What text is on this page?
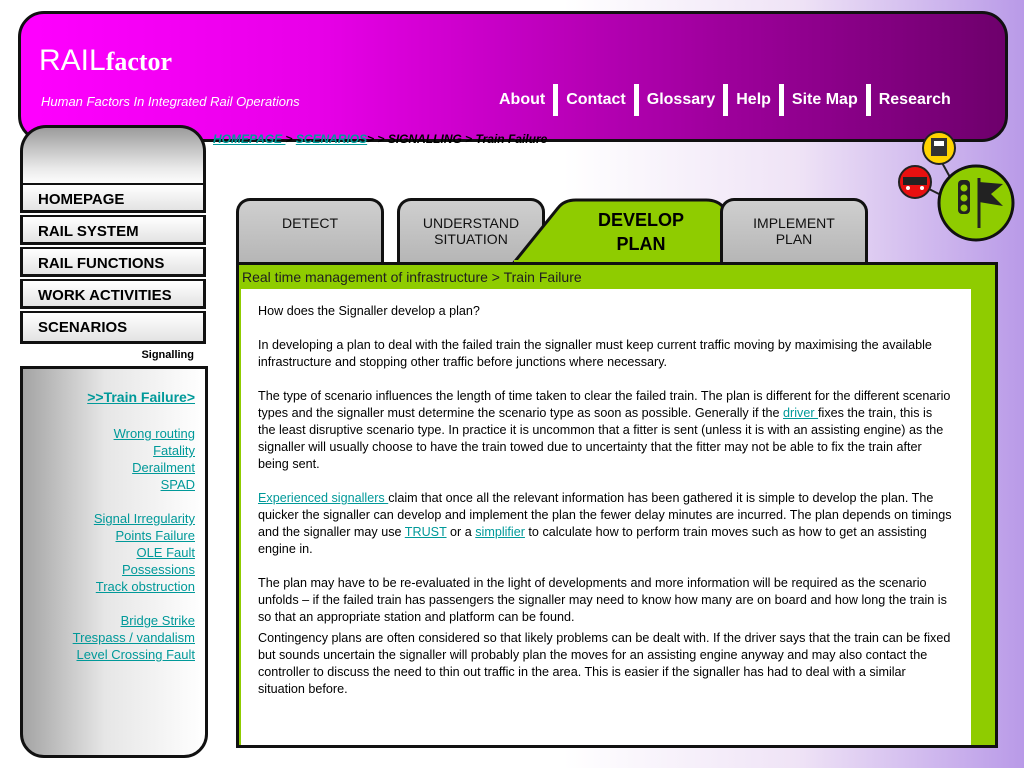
RAILfactor
Human Factors In Integrated Rail Operations	About	Contact	Glossary	Help	Site Map	Research
HOMEPAGE
RAIL SYSTEM
RAIL FUNCTIONS
WORK ACTIVITIES
SCENARIOS
Signalling
>>Train Failure>
Wrong routing
Fatality
Derailment
SPAD
Signal Irregularity
Points Failure
OLE Fault
Possessions
Track obstruction
Bridge Strike
Trespass / vandalism
Level Crossing Fault
HOMEPAGE > SCENARIOS> > SIGNALLING > Train Failure
DETECT	UNDERSTAND
SITUATION
DEVELOP
PLAN
IMPLEMENT
PLAN
Real time management of infrastructure > Train Failure

How does the Signaller develop a plan?

In developing a plan to deal with the failed train the signaller must keep current traffic moving by maximising the available infrastructure and stopping other traffic before junctions where necessary.

The type of scenario influences the length of time taken to clear the failed train. The plan is different for the different scenario types and the signaller must determine the scenario type as soon as possible. Generally if the driver fixes the train, this is the least disruptive scenario type. In practice it is uncommon that a fitter is sent (unless it is with an assisting engine) as the signaller will usually choose to have the train towed due to uncertainty that the fitter may not be able to fix the train after being sent.

Experienced signallers claim that once all the relevant information has been gathered it is simple to develop the plan. The quicker the signaller can develop and implement the plan the fewer delay minutes are incurred. The plan depends on timings and the signaller may use TRUST or a simplifier to calculate how to perform train moves such as how to get an assisting engine in.

The plan may have to be re-evaluated in the light of developments and more information will be required as the scenario unfolds – if the failed train has passengers the signaller may need to know how many are on board and how long the train is so that an appropriate station and platform can be found.

Contingency plans are often considered so that likely problems can be dealt with. If the driver says that the train can be fixed but sounds uncertain the signaller will probably plan the moves for an assisting engine anyway and may also contact the controller to discuss the need to thin out traffic in the area. This is easier if the signaller has had to deal with a similar situation before.
